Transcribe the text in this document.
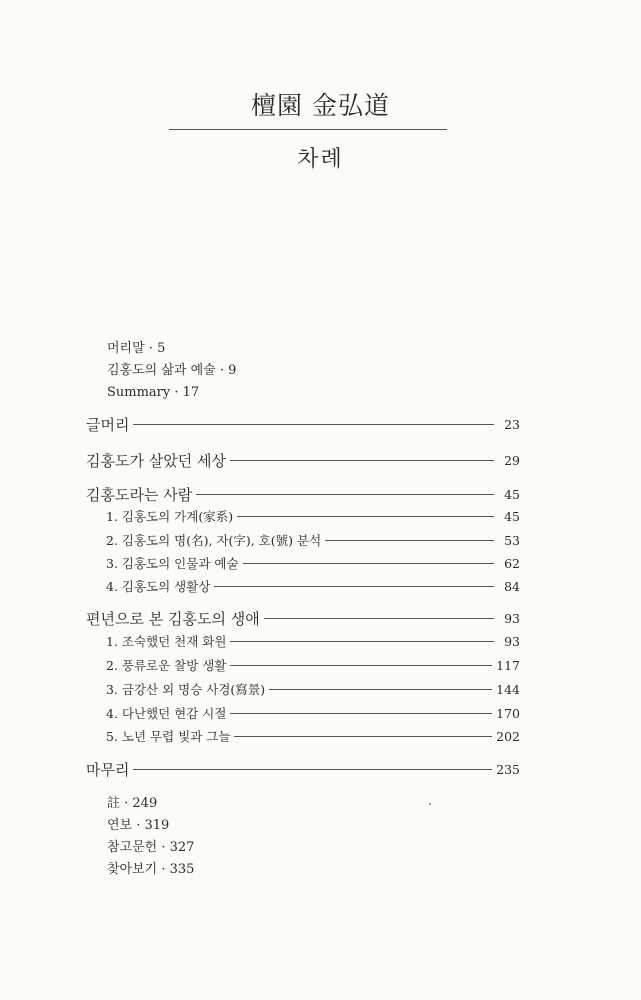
檀園 金弘道
차례
머리말 · 5
김홍도의 삶과 예술 · 9
Summary · 17
글머리	23
김홍도가 살았던 세상	29
김홍도라는 사람	45
1. 김홍도의 가계(家系)	45
2. 김홍도의 명(名), 자(字), 호(號) 분석	53
3. 김홍도의 인물과 예술	62
4. 김홍도의 생활상	84
편년으로 본 김홍도의 생애	93
1. 조숙했던 천재 화원	93
2. 풍류로운 찰방 생활	117
3. 금강산 외 명승 사경(寫景)	144
4. 다난했던 현감 시절	170
5. 노년 무렵 빛과 그늘	202
마무리	235
註 · 249
연보 · 319
참고문헌 · 327
찾아보기 · 335
